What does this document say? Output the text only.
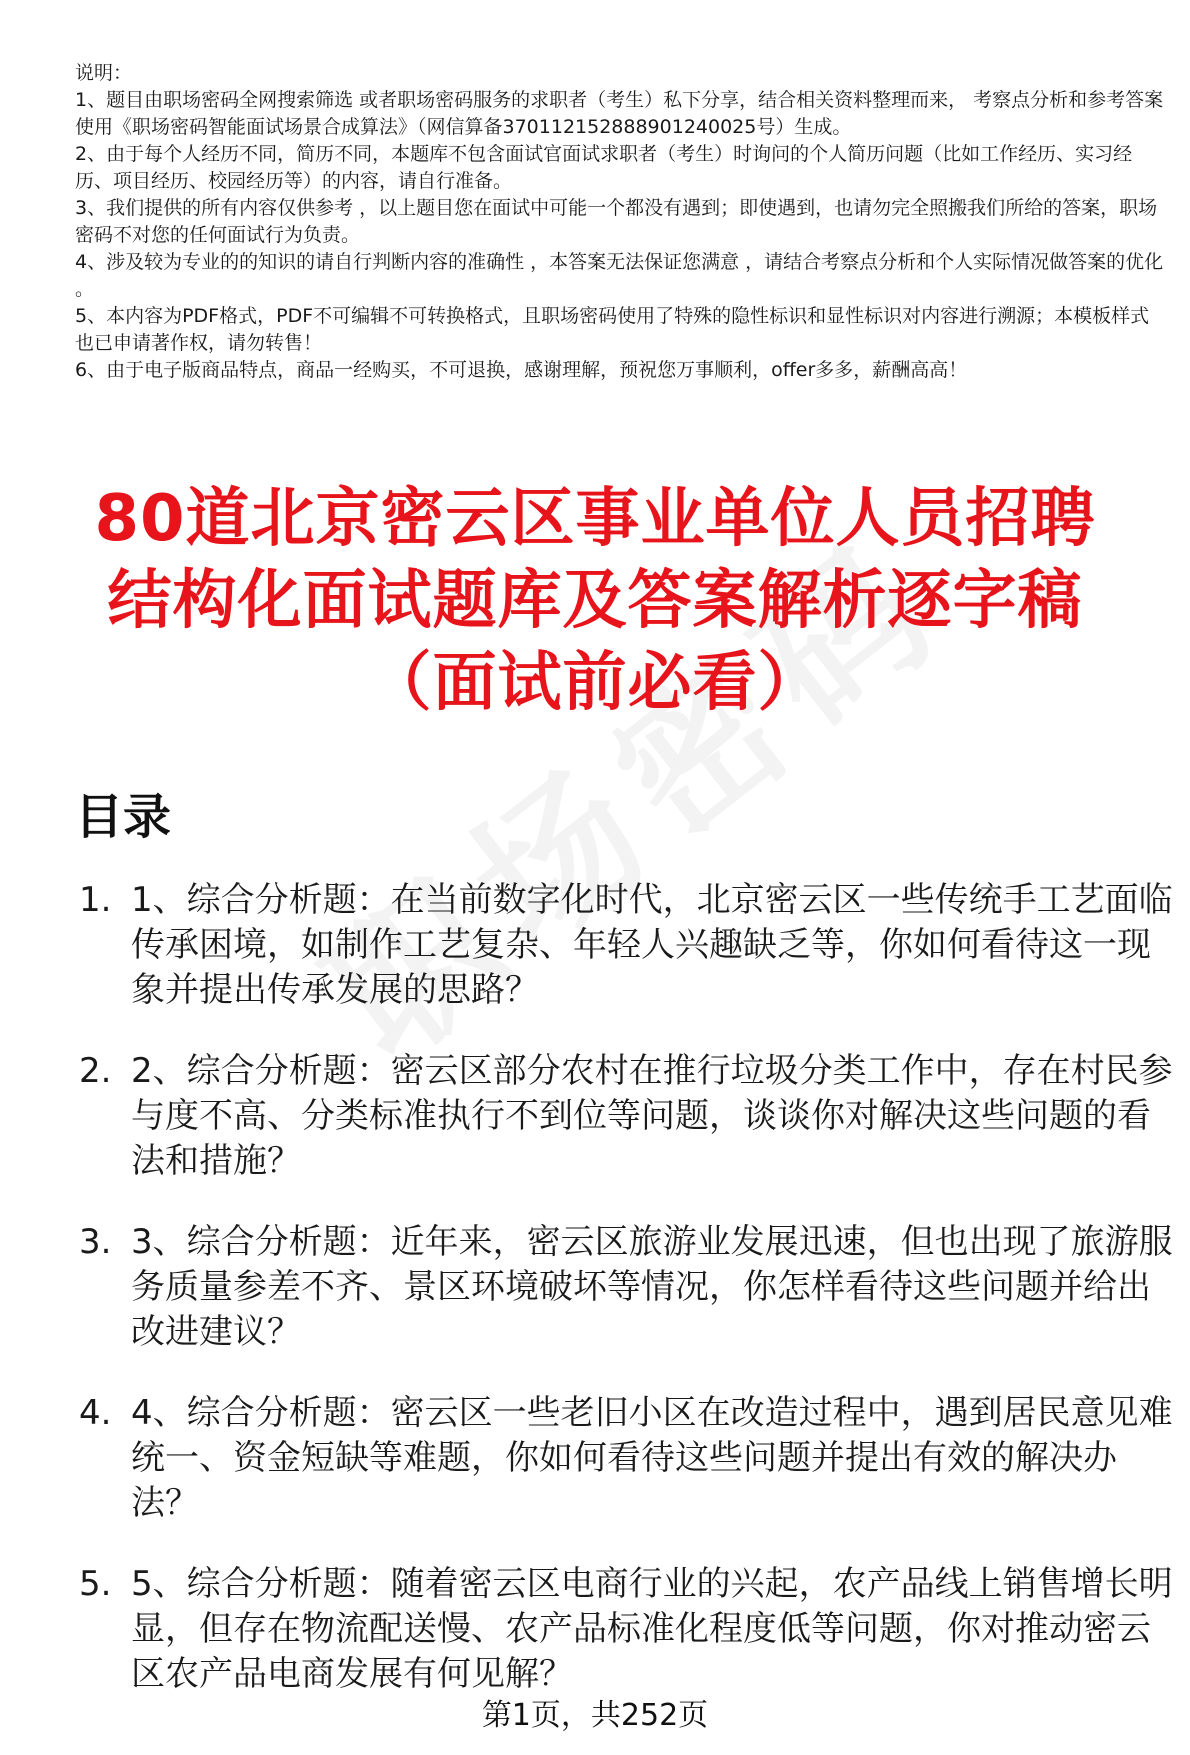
说明：

1、题目由职场密码全网搜索筛选 或者职场密码服务的求职者（考生）私下分享，结合相关资料整理而来， 考察点分析和参考答案使用《职场密码智能面试场景合成算法》（网信算备370112152888901240025号）生成。

2、由于每个人经历不同，简历不同，本题库不包含面试官面试求职者（考生）时询问的个人简历问题（比如工作经历、实习经历、项目经历、校园经历等）的内容，请自行准备。

3、我们提供的所有内容仅供参考 ，以上题目您在面试中可能一个都没有遇到；即使遇到，也请勿完全照搬我们所给的答案，职场密码不对您的任何面试行为负责。

4、涉及较为专业的的知识的请自行判断内容的准确性 ，本答案无法保证您满意 ，请结合考察点分析和个人实际情况做答案的优化 。

5、本内容为PDF格式，PDF不可编辑不可转换格式，且职场密码使用了特殊的隐性标识和显性标识对内容进行溯源；本模板样式也已申请著作权，请勿转售！

6、由于电子版商品特点，商品一经购买，不可退换，感谢理解，预祝您万事顺利，offer多多，薪酬高高！

80道北京密云区事业单位人员招聘
结构化面试题库及答案解析逐字稿
（面试前必看）
目录
1. 1、综合分析题：在当前数字化时代，北京密云区一些传统手工艺面临传承困境，如制作工艺复杂、年轻人兴趣缺乏等，你如何看待这一现象并提出传承发展的思路？
2. 2、综合分析题：密云区部分农村在推行垃圾分类工作中，存在村民参与度不高、分类标准执行不到位等问题，谈谈你对解决这些问题的看法和措施？
3. 3、综合分析题：近年来，密云区旅游业发展迅速，但也出现了旅游服务质量参差不齐、景区环境破坏等情况，你怎样看待这些问题并给出改进建议？
4. 4、综合分析题：密云区一些老旧小区在改造过程中，遇到居民意见难统一、资金短缺等难题，你如何看待这些问题并提出有效的解决办法？
5. 5、综合分析题：随着密云区电商行业的兴起，农产品线上销售增长明显，但存在物流配送慢、农产品标准化程度低等问题，你对推动密云区农产品电商发展有何见解？
第1页，共252页
